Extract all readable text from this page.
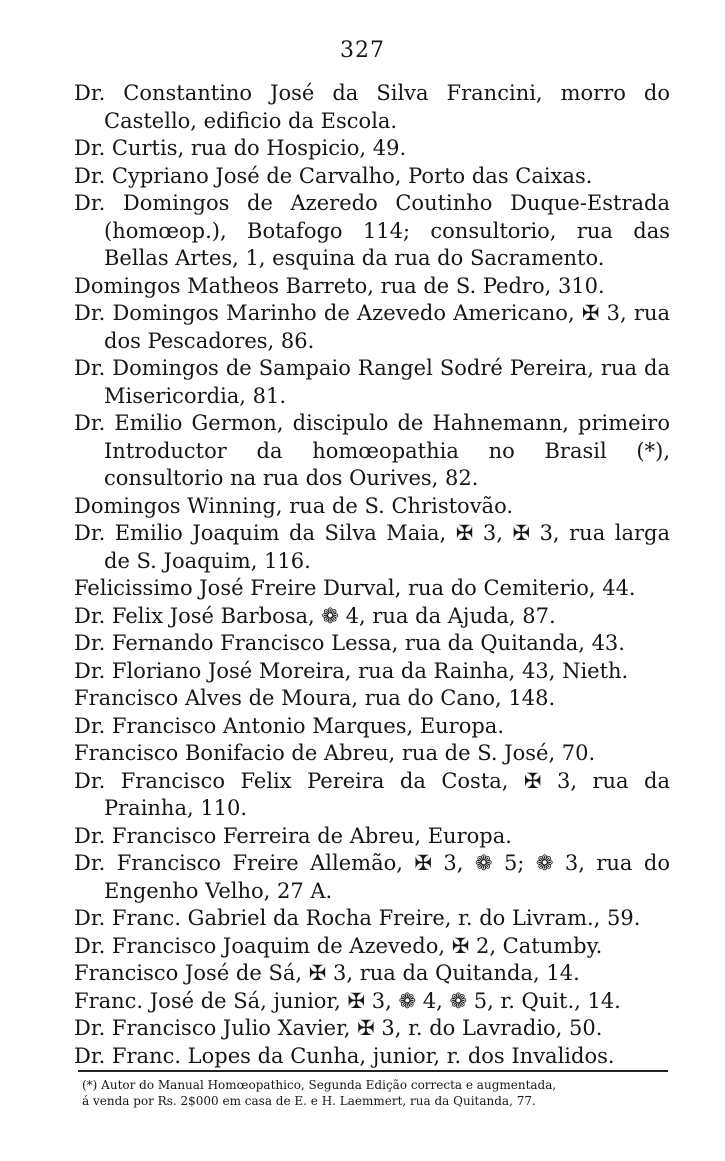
327

Dr. Constantino José da Silva Francini, morro do Castello, edificio da Escola.

Dr. Curtis, rua do Hospicio, 49.

Dr. Cypriano José de Carvalho, Porto das Caixas.

Dr. Domingos de Azeredo Coutinho Duque-Estrada (homœop.), Botafogo 114; consultorio, rua das Bellas Artes, 1, esquina da rua do Sacramento.

Domingos Matheos Barreto, rua de S. Pedro, 310.

Dr. Domingos Marinho de Azevedo Americano, ✠ 3, rua dos Pescadores, 86.

Dr. Domingos de Sampaio Rangel Sodré Pereira, rua da Misericordia, 81.

Dr. Emilio Germon, discipulo de Hahnemann, primeiro Introductor da homœopathia no Brasil (*), consultorio na rua dos Ourives, 82.

Domingos Winning, rua de S. Christovão.

Dr. Emilio Joaquim da Silva Maia, ✠ 3, ✠ 3, rua larga de S. Joaquim, 116.

Felicissimo José Freire Durval, rua do Cemiterio, 44.

Dr. Felix José Barbosa, ❁ 4, rua da Ajuda, 87.

Dr. Fernando Francisco Lessa, rua da Quitanda, 43.

Dr. Floriano José Moreira, rua da Rainha, 43, Nieth.

Francisco Alves de Moura, rua do Cano, 148.

Dr. Francisco Antonio Marques, Europa.

Francisco Bonifacio de Abreu, rua de S. José, 70.

Dr. Francisco Felix Pereira da Costa, ✠ 3, rua da Prainha, 110.

Dr. Francisco Ferreira de Abreu, Europa.

Dr. Francisco Freire Allemão, ✠ 3, ❁ 5; ❁ 3, rua do Engenho Velho, 27 A.

Dr. Franc. Gabriel da Rocha Freire, r. do Livram., 59.

Dr. Francisco Joaquim de Azevedo, ✠ 2, Catumby.

Francisco José de Sá, ✠ 3, rua da Quitanda, 14.

Franc. José de Sá, junior, ✠ 3, ❁ 4, ❁ 5, r. Quit., 14.

Dr. Francisco Julio Xavier, ✠ 3, r. do Lavradio, 50.

Dr. Franc. Lopes da Cunha, junior, r. dos Invalidos.

(*) Autor do Manual Homœopathico, Segunda Edição correcta e augmentada,
á venda por Rs. 2$000 em casa de E. e H. Laemmert, rua da Quitanda, 77.
